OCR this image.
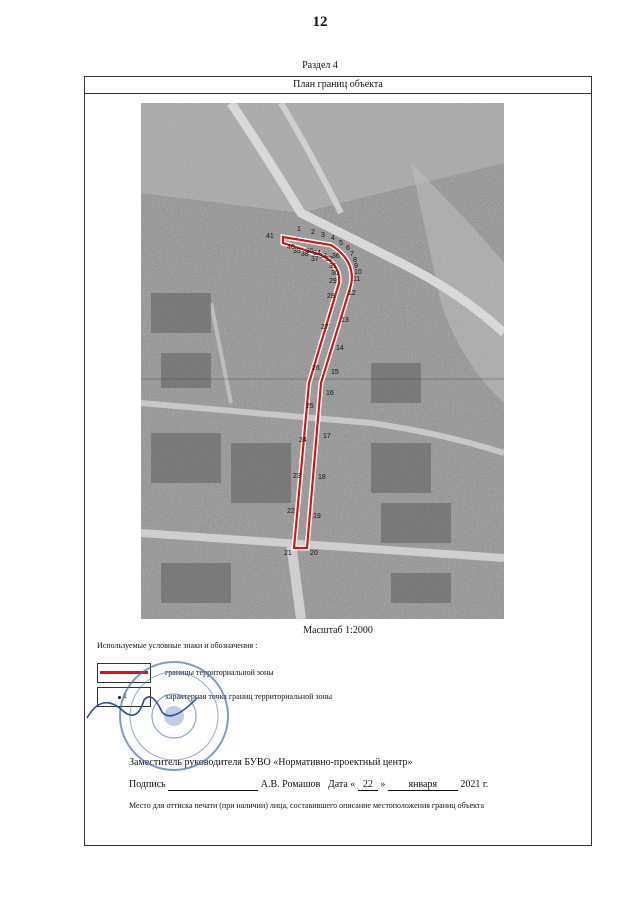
12
Раздел 4
План границ объекта
1 2 3 4
5
6
7
8
9
10
11
12
13
14
15
16
17
18
19
20
21
22
23
24
25
26
27
28
29
30
31
32
33
34
35
36
37
38
39
40
41
Масштаб 1:2000
Используемые условные знаки и обозначения :
границы территориальной зоны
1	характерная точка границ территориальной зоны
Заместитель руководителя БУВО «Нормативно-проектный центр»
Подпись	А.В. Ромашов Дата « 22 » января 2021 г.
Место для оттиска печати (при наличии) лица, составившего описание местоположения границ объекта
